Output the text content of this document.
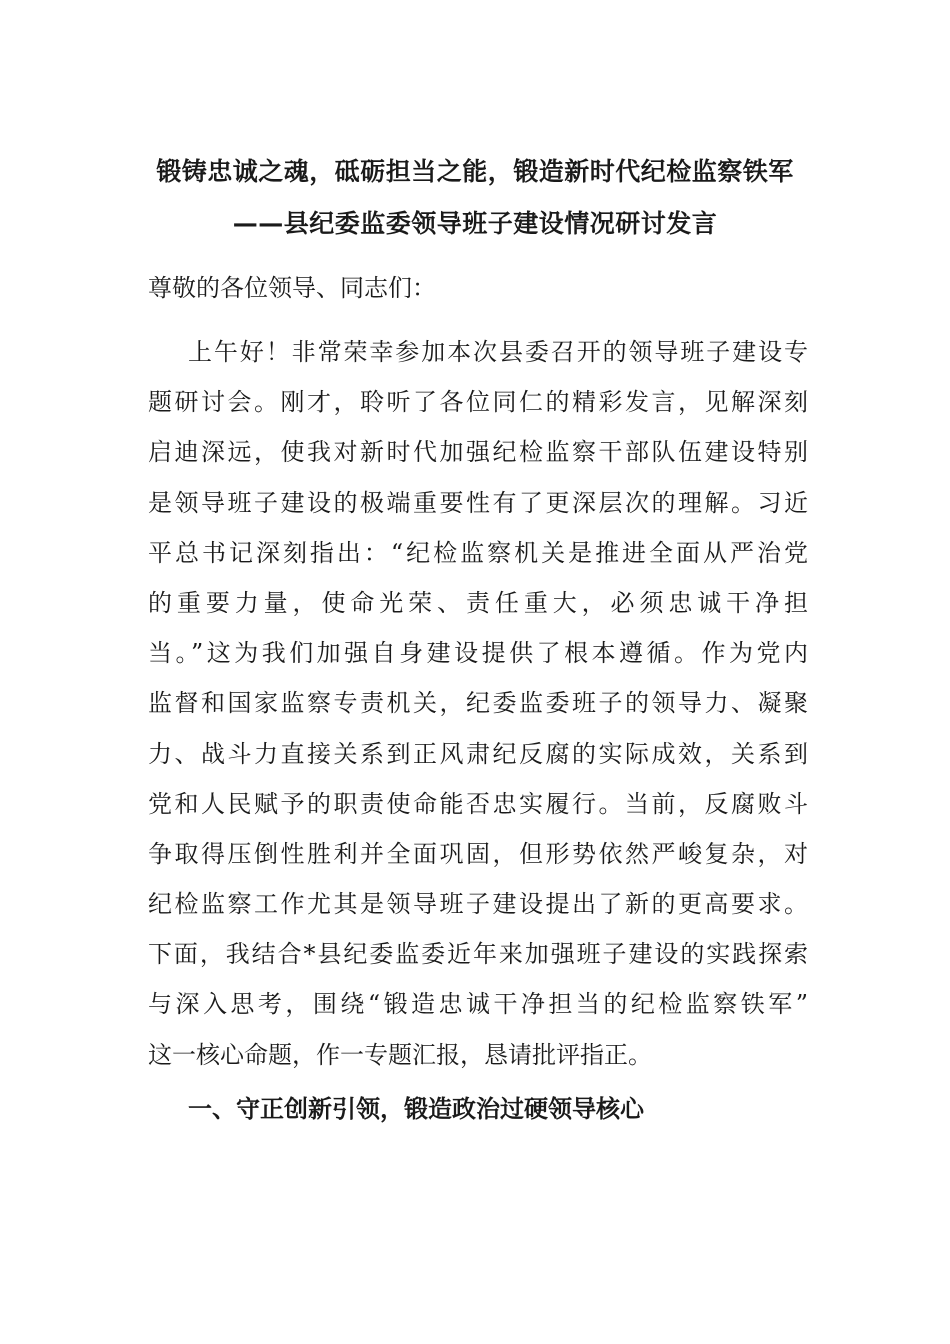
锻铸忠诚之魂，砥砺担当之能，锻造新时代纪检监察铁军
——县纪委监委领导班子建设情况研讨发言
尊敬的各位领导、同志们：
上午好！非常荣幸参加本次县委召开的领导班子建设专
题研讨会。刚才，聆听了各位同仁的精彩发言，见解深刻
启迪深远，使我对新时代加强纪检监察干部队伍建设特别
是领导班子建设的极端重要性有了更深层次的理解。习近
平总书记深刻指出：“纪检监察机关是推进全面从严治党
的重要力量，使命光荣、责任重大，必须忠诚干净担
当。”这为我们加强自身建设提供了根本遵循。作为党内
监督和国家监察专责机关，纪委监委班子的领导力、凝聚
力、战斗力直接关系到正风肃纪反腐的实际成效，关系到
党和人民赋予的职责使命能否忠实履行。当前，反腐败斗
争取得压倒性胜利并全面巩固，但形势依然严峻复杂，对
纪检监察工作尤其是领导班子建设提出了新的更高要求。
下面，我结合*县纪委监委近年来加强班子建设的实践探索
与深入思考，围绕“锻造忠诚干净担当的纪检监察铁军”
这一核心命题，作一专题汇报，恳请批评指正。
一、守正创新引领，锻造政治过硬领导核心
